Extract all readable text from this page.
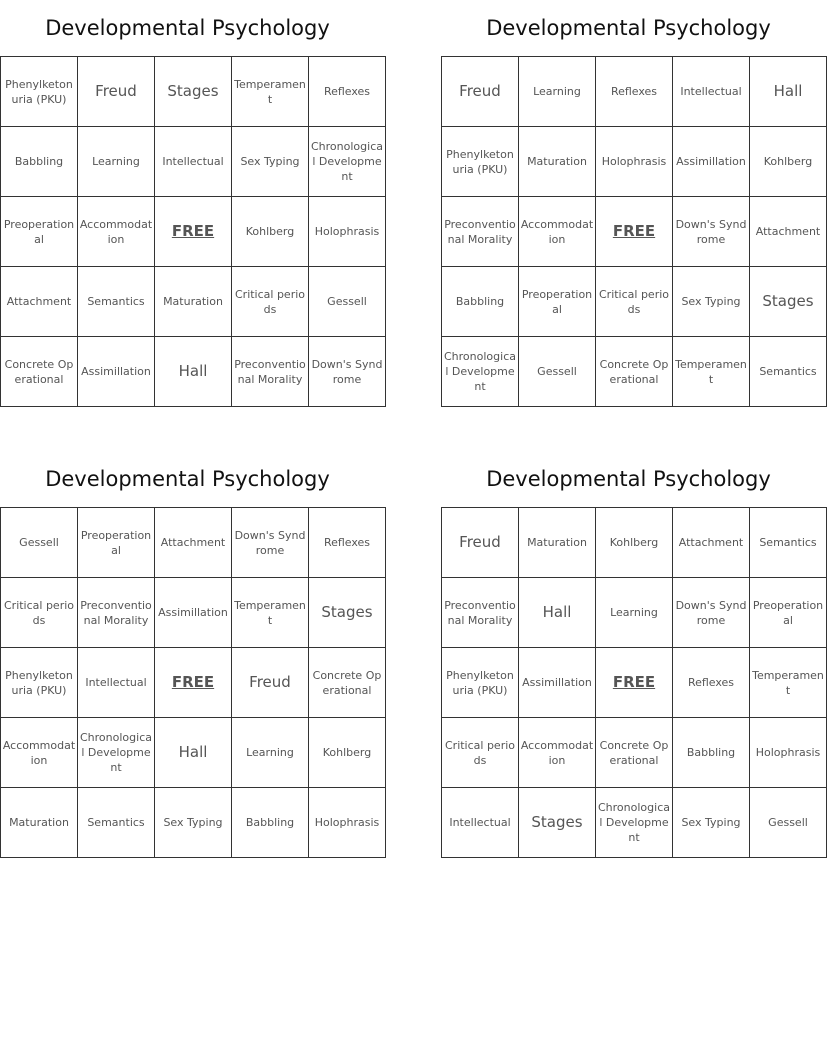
Developmental Psychology
Phenylketonuria (PKU)	Freud	Stages	Temperament	Reflexes
Babbling	Learning	Intellectual	Sex Typing	Chronological Development
Preoperational	Accommodation	FREE	Kohlberg	Holophrasis
Attachment	Semantics	Maturation	Critical periods	Gessell
Concrete Operational	Assimillation	Hall	Preconventional Morality	Down's Syndrome
Developmental Psychology
Freud	Learning	Reflexes	Intellectual	Hall
Phenylketonuria (PKU)	Maturation	Holophrasis	Assimillation	Kohlberg
Preconventional Morality	Accommodation	FREE	Down's Syndrome	Attachment
Babbling	Preoperational	Critical periods	Sex Typing	Stages
Chronological Development	Gessell	Concrete Operational	Temperament	Semantics
Developmental Psychology
Gessell	Preoperational	Attachment	Down's Syndrome	Reflexes
Critical periods	Preconventional Morality	Assimillation	Temperament	Stages
Phenylketonuria (PKU)	Intellectual	FREE	Freud	Concrete Operational
Accommodation	Chronological Development	Hall	Learning	Kohlberg
Maturation	Semantics	Sex Typing	Babbling	Holophrasis
Developmental Psychology
Freud	Maturation	Kohlberg	Attachment	Semantics
Preconventional Morality	Hall	Learning	Down's Syndrome	Preoperational
Phenylketonuria (PKU)	Assimillation	FREE	Reflexes	Temperament
Critical periods	Accommodation	Concrete Operational	Babbling	Holophrasis
Intellectual	Stages	Chronological Development	Sex Typing	Gessell
